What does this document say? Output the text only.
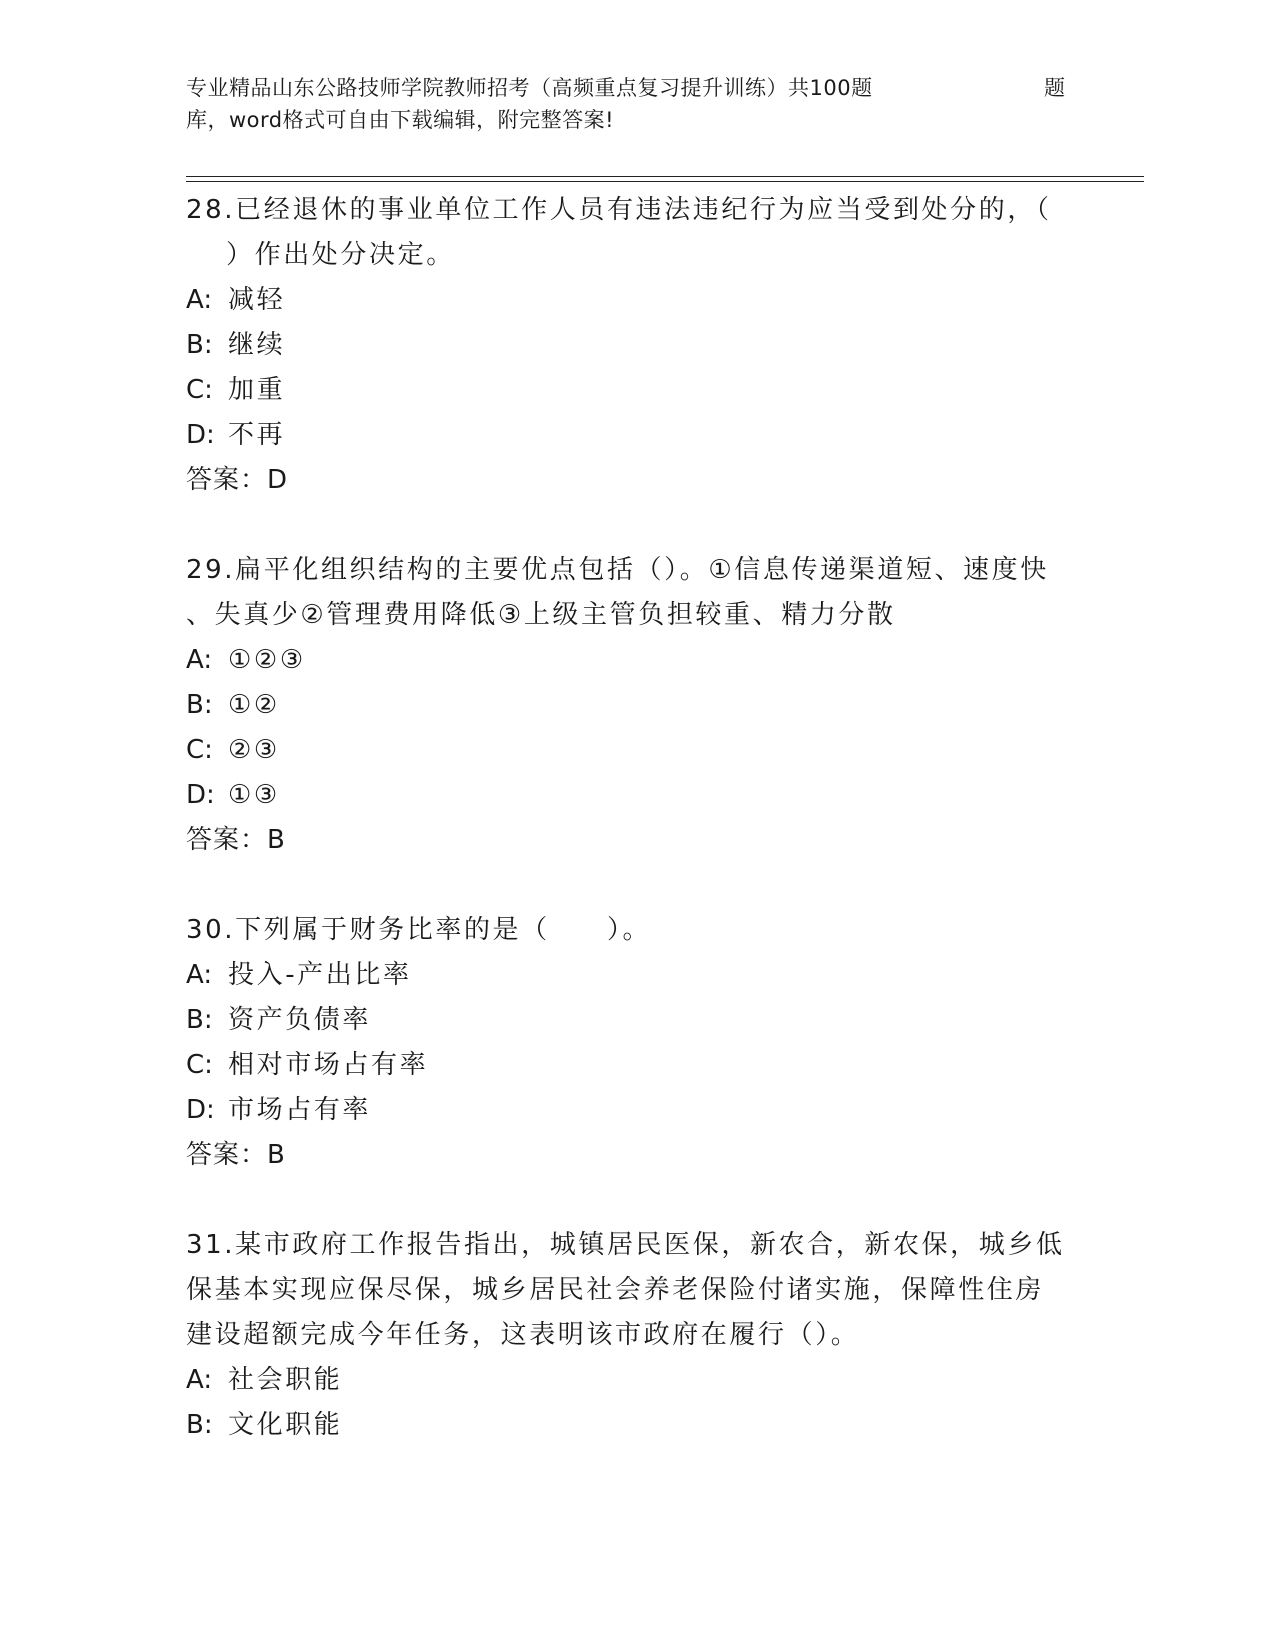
专业精品山东公路技师学院教师招考（高频重点复习提升训练）共100题	题
库，word格式可自由下载编辑，附完整答案!
28.已经退休的事业单位工作人员有违法违纪行为应当受到处分的，（
）作出处分决定。
A: 减轻
B: 继续
C: 加重
D: 不再
答案：D
29.扁平化组织结构的主要优点包括（）。①信息传递渠道短、速度快
、失真少②管理费用降低③上级主管负担较重、精力分散
A: ①②③
B: ①②
C: ②③
D: ①③
答案：B
30.下列属于财务比率的是（　　）。
A: 投入-产出比率
B: 资产负债率
C: 相对市场占有率
D: 市场占有率
答案：B
31.某市政府工作报告指出，城镇居民医保，新农合，新农保，城乡低
保基本实现应保尽保，城乡居民社会养老保险付诸实施，保障性住房
建设超额完成今年任务，这表明该市政府在履行（）。
A: 社会职能
B: 文化职能
